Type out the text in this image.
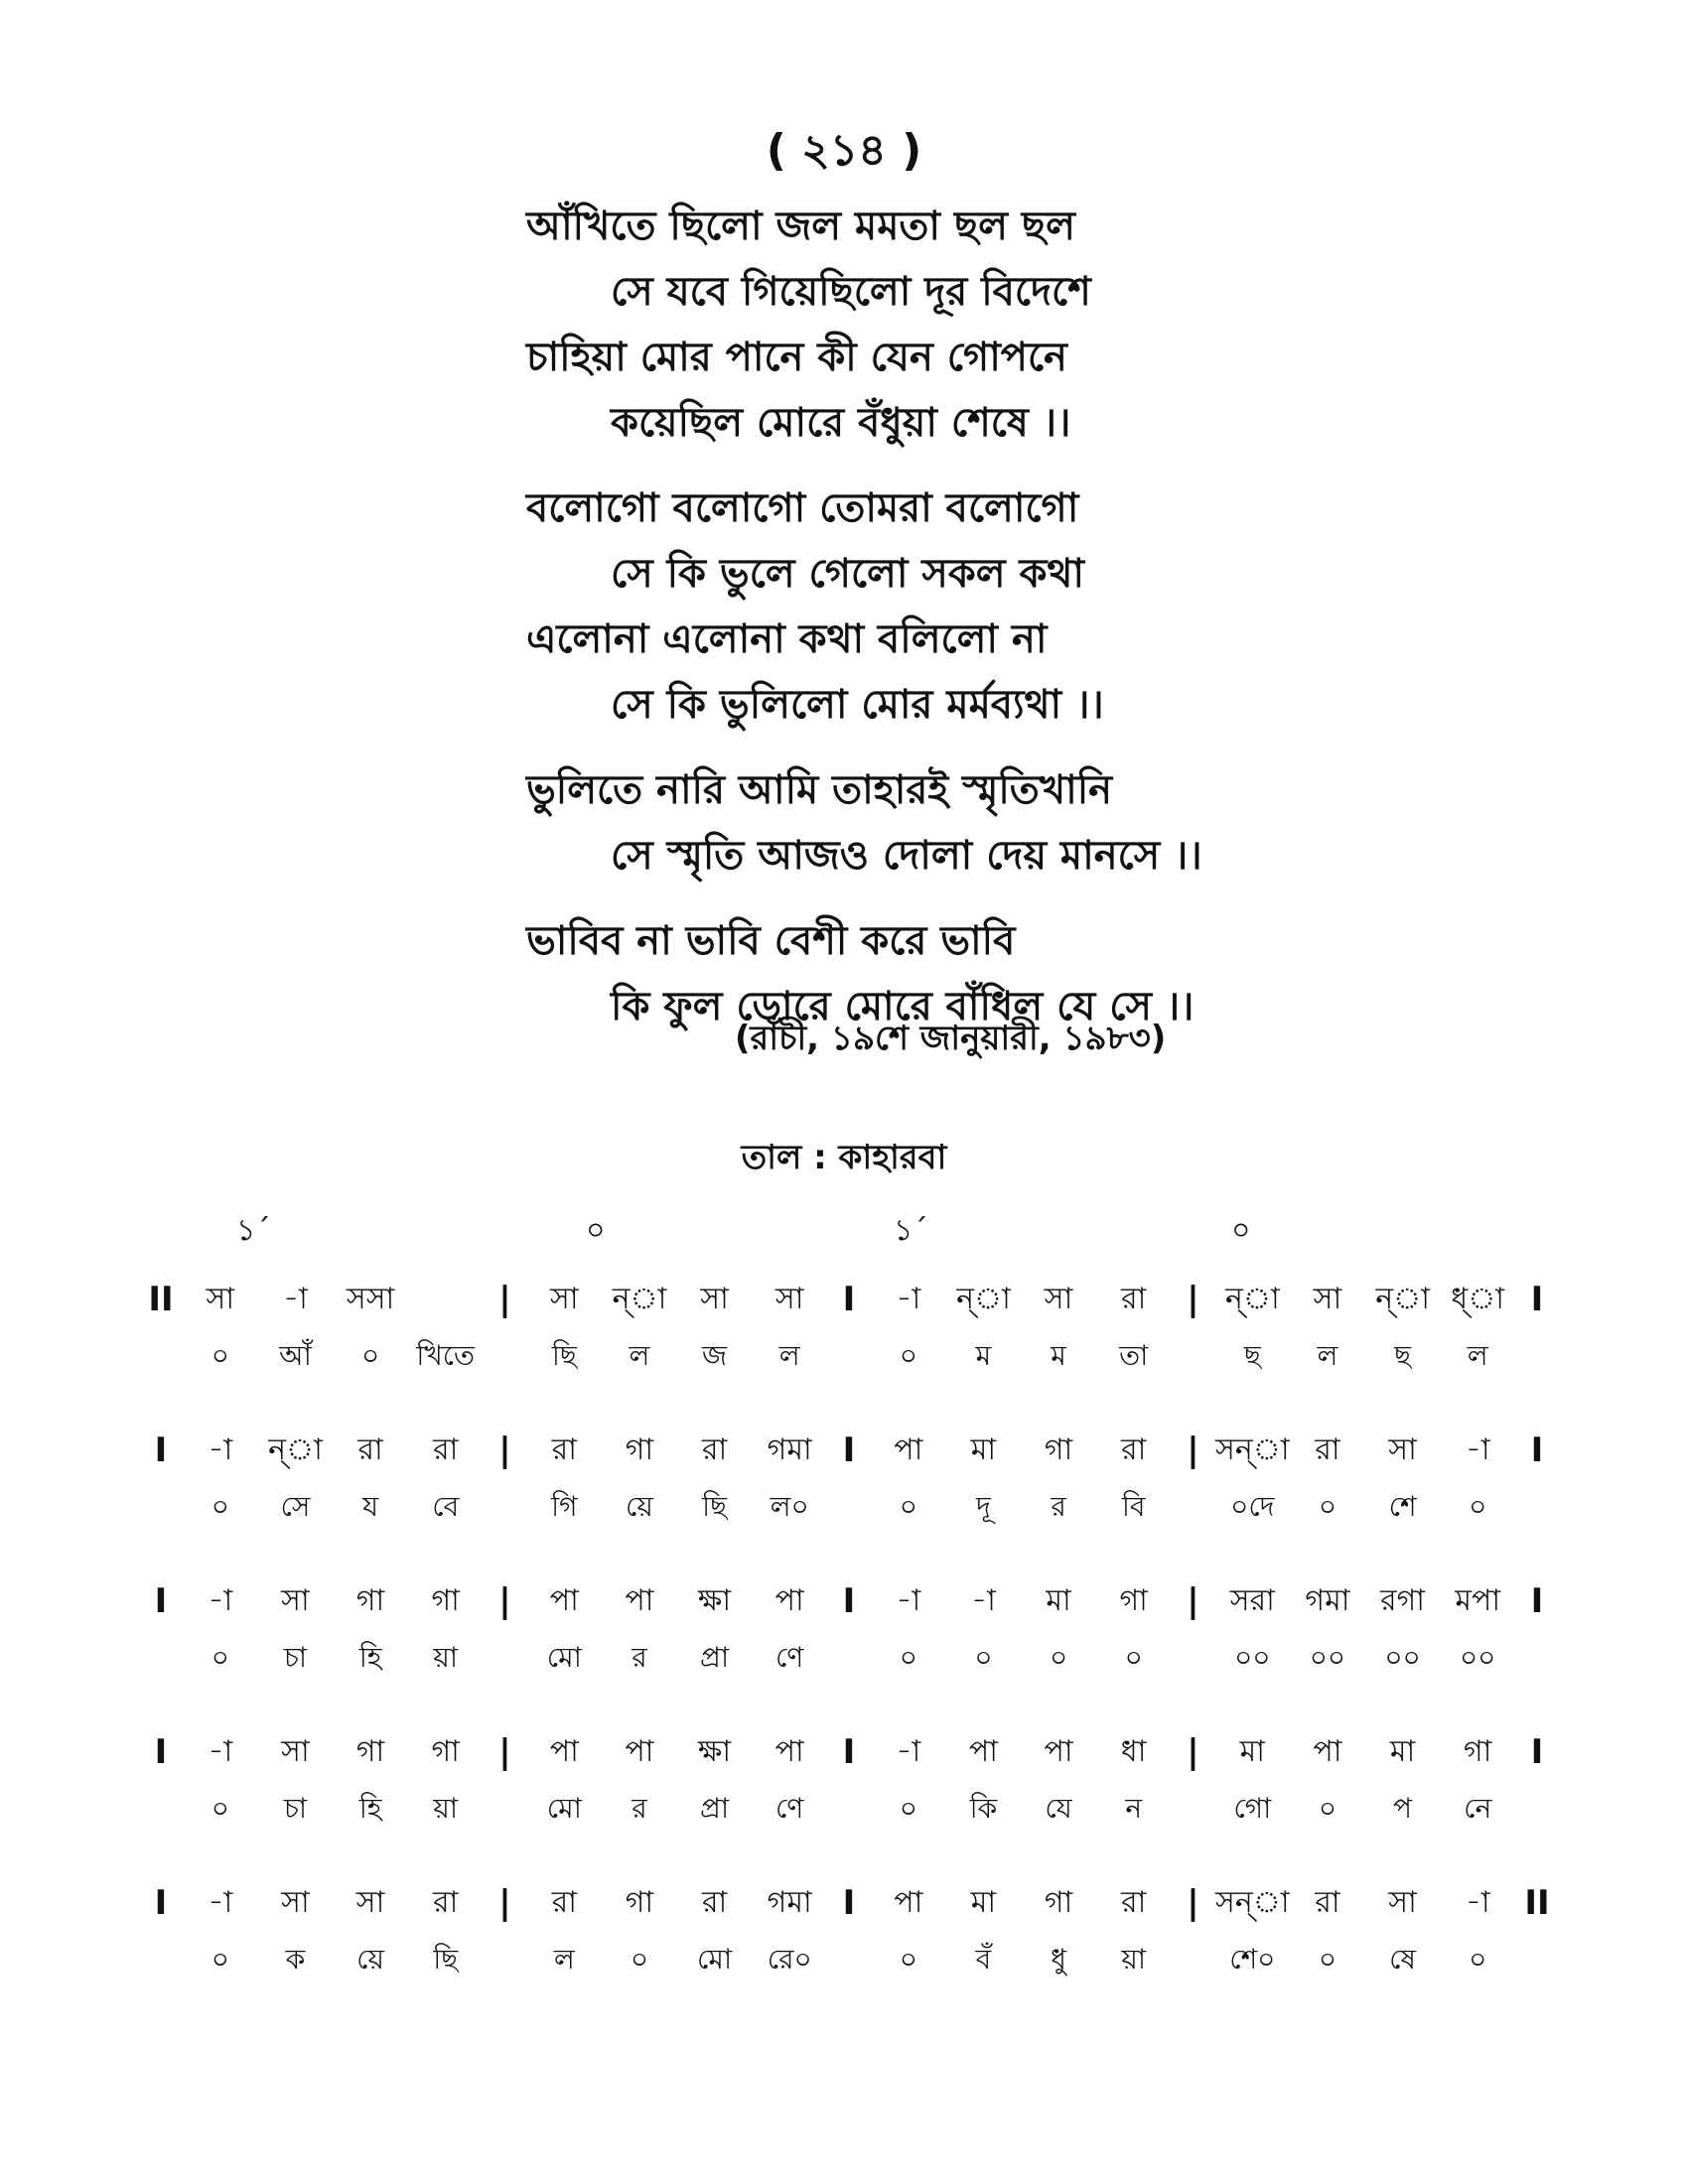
( ২১৪ )
আঁখিতে ছিলো জল মমতা ছল ছল
সে যবে গিয়েছিলো দূর বিদেশে
চাহিয়া মোর পানে কী যেন গোপনে
কয়েছিল মোরে বঁধুয়া শেষে ।।
বলোগো বলোগো তোমরা বলোগো
সে কি ভুলে গেলো সকল কথা
এলোনা এলোনা কথা বলিলো না
সে কি ভুলিলো মোর মর্মব্যথা ।।
ভুলিতে নারি আমি তাহারই স্মৃতিখানি
সে স্মৃতি আজও দোলা দেয় মানসে ।।
ভাবিব না ভাবি বেশী করে ভাবি
কি ফুল ডোরে মোরে বাঁধিল যে সে ।।
(রাঁচী, ১৯শে জানুয়ারী, ১৯৮৩)
তাল : কাহারবা
১´	০	১´	০
II	সা	-া	সসা	|	সা	ন্‌া	সা	সা	I	-া	ন্‌া	সা	রা	| ন্‌া	সা	ন্‌া ধ্‌া I
০	আঁ	০	খিতে	ছি	ল	জ	ল	০	ম	ম	তা	ছ	ল	ছ	ল
I	-া	ন্‌া	রা	রা	|	রা	গা	রা	গমা I	পা	মা	গা	রা	| সন্‌া রা	সা	-া	I
০	সে	য	বে	গি	য়ে	ছি	ল০	০	দূ	র	বি	০দে	০	শে	০
I	-া	সা	গা	গা	|	পা	পা	ক্ষা	পা	I	-া	-া	মা	গা	|	সরা	গমা	রগা	মপা I
০	চা	হি	য়া	মো	র	প্রা	ণে	০	০	০	০	০০	০০	০০	০০
I	-া	সা	গা	গা	|	পা	পা	ক্ষা	পা	I	-া	পা	পা	ধা	|	মা	পা	মা	গা	I
০	চা	হি	য়া	মো	র	প্রা	ণে	০	কি	যে	ন	গো	০	প	নে
I	-া	সা	সা	রা	|	রা	গা	রা	গমা I	পা	মা	গা	রা	| সন্‌া রা	সা	-া	II
০	ক	য়ে	ছি	ল	০	মো	রে০	০	বঁ	ধু	য়া	শে০	০	ষে	০
